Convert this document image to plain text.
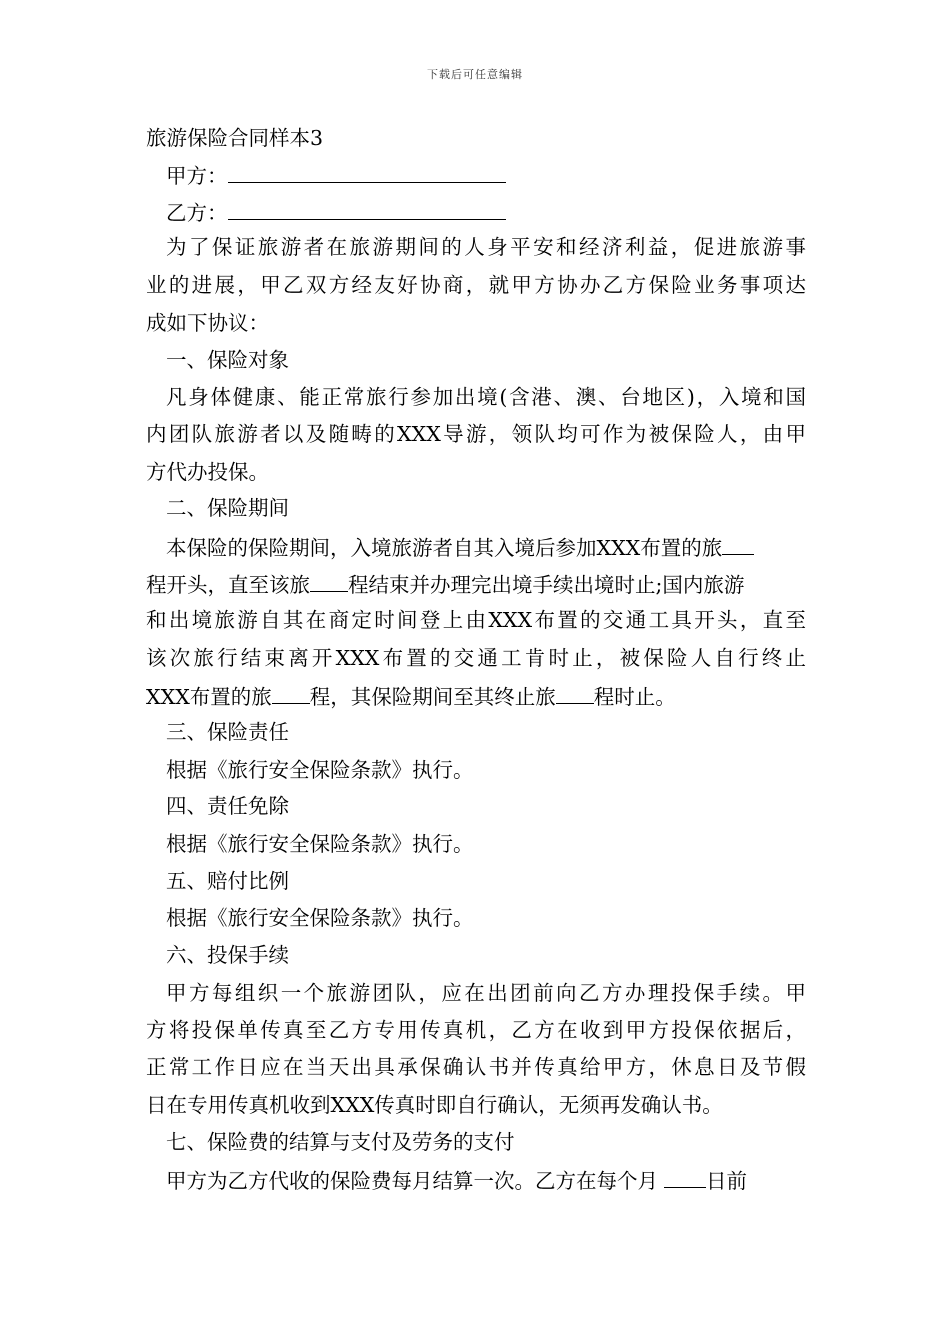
下载后可任意编辑
旅游保险合同样本3
甲方：
乙方：
为了保证旅游者在旅游期间的人身平安和经济利益，促进旅游事
业的进展，甲乙双方经友好协商，就甲方协办乙方保险业务事项达
成如下协议：
一、保险对象
凡身体健康、能正常旅行参加出境(含港、澳、台地区)，入境和国
内团队旅游者以及随畴的XXX导游，领队均可作为被保险人，由甲
方代办投保。
二、保险期间
本保险的保险期间，入境旅游者自其入境后参加XXX布置的旅
程开头，直至该旅 程结束并办理完出境手续出境时止;国内旅游
和出境旅游自其在商定时间登上由XXX布置的交通工具开头，直至
该次旅行结束离开XXX布置的交通工肯时止，被保险人自行终止
XXX布置的旅 程，其保险期间至其终止旅 程时止。
三、保险责任
根据《旅行安全保险条款》执行。
四、责任免除
根据《旅行安全保险条款》执行。
五、赔付比例
根据《旅行安全保险条款》执行。
六、投保手续
甲方每组织一个旅游团队，应在出团前向乙方办理投保手续。甲
方将投保单传真至乙方专用传真机，乙方在收到甲方投保依据后，
正常工作日应在当天出具承保确认书并传真给甲方，休息日及节假
日在专用传真机收到XXX传真时即自行确认，无须再发确认书。
七、保险费的结算与支付及劳务的支付
甲方为乙方代收的保险费每月结算一次。乙方在每个月 日前
